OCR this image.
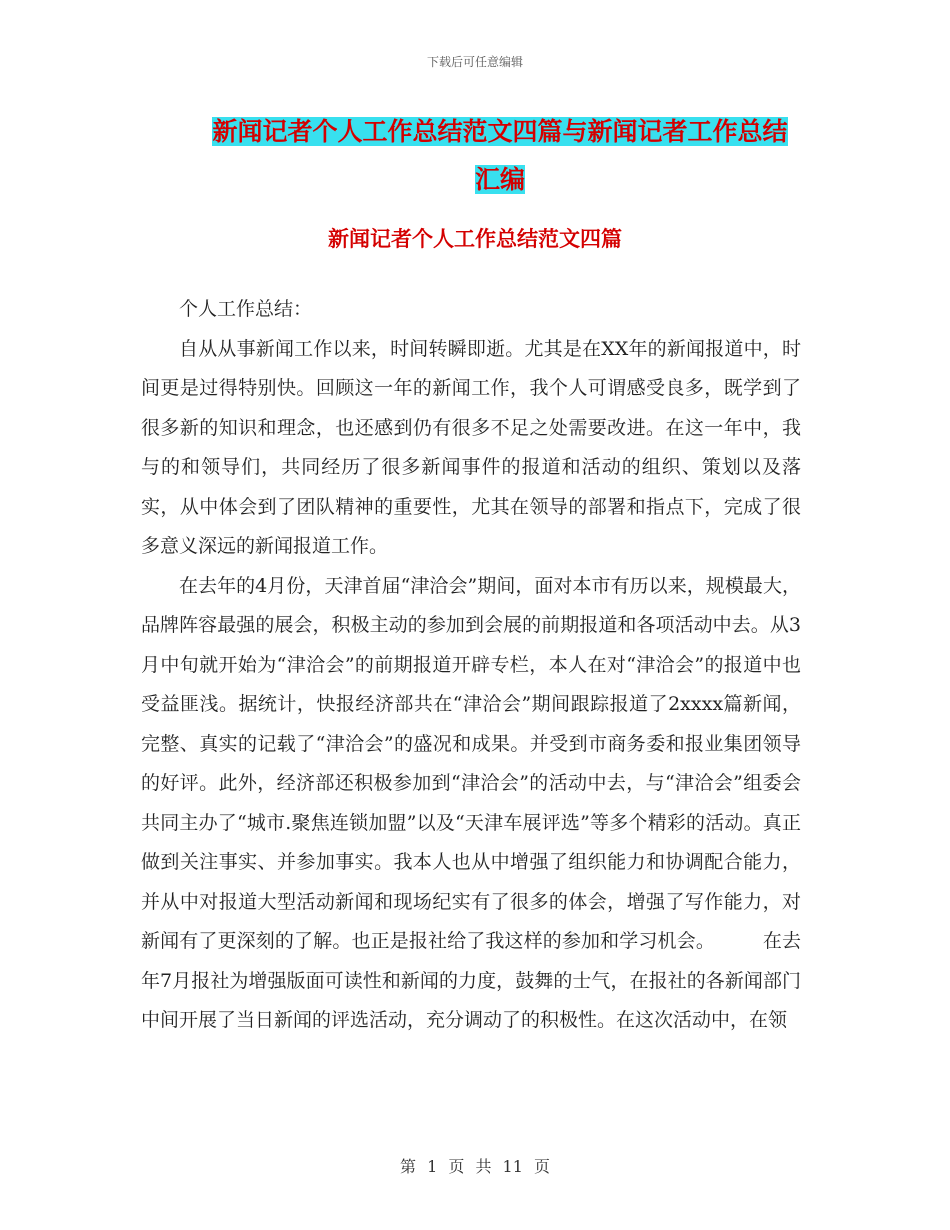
下载后可任意编辑
新闻记者个人工作总结范文四篇与新闻记者工作总结
汇编
新闻记者个人工作总结范文四篇

个人工作总结：

自从从事新闻工作以来，时间转瞬即逝。尤其是在XX年的新闻报道中，时间更是过得特别快。回顾这一年的新闻工作，我个人可谓感受良多，既学到了很多新的知识和理念，也还感到仍有很多不足之处需要改进。在这一年中，我与的和领导们，共同经历了很多新闻事件的报道和活动的组织、策划以及落实，从中体会到了团队精神的重要性，尤其在领导的部署和指点下，完成了很多意义深远的新闻报道工作。

在去年的4月份，天津首届“津洽会”期间，面对本市有历以来，规模最大，品牌阵容最强的展会，积极主动的参加到会展的前期报道和各项活动中去。从3月中旬就开始为“津洽会”的前期报道开辟专栏，本人在对“津洽会”的报道中也受益匪浅。据统计，快报经济部共在“津洽会”期间跟踪报道了2xxxx篇新闻，完整、真实的记载了“津洽会”的盛况和成果。并受到市商务委和报业集团领导的好评。此外，经济部还积极参加到“津洽会”的活动中去，与“津洽会”组委会共同主办了“城市.聚焦连锁加盟”以及“天津车展评选”等多个精彩的活动。真正做到关注事实、并参加事实。我本人也从中增强了组织能力和协调配合能力，并从中对报道大型活动新闻和现场纪实有了很多的体会，增强了写作能力，对新闻有了更深刻的了解。也正是报社给了我这样的参加和学习机会。　　　在去年7月报社为增强版面可读性和新闻的力度，鼓舞的士气，在报社的各新闻部门中间开展了当日新闻的评选活动，充分调动了的积极性。在这次活动中，在领

第 1 页 共 11 页
